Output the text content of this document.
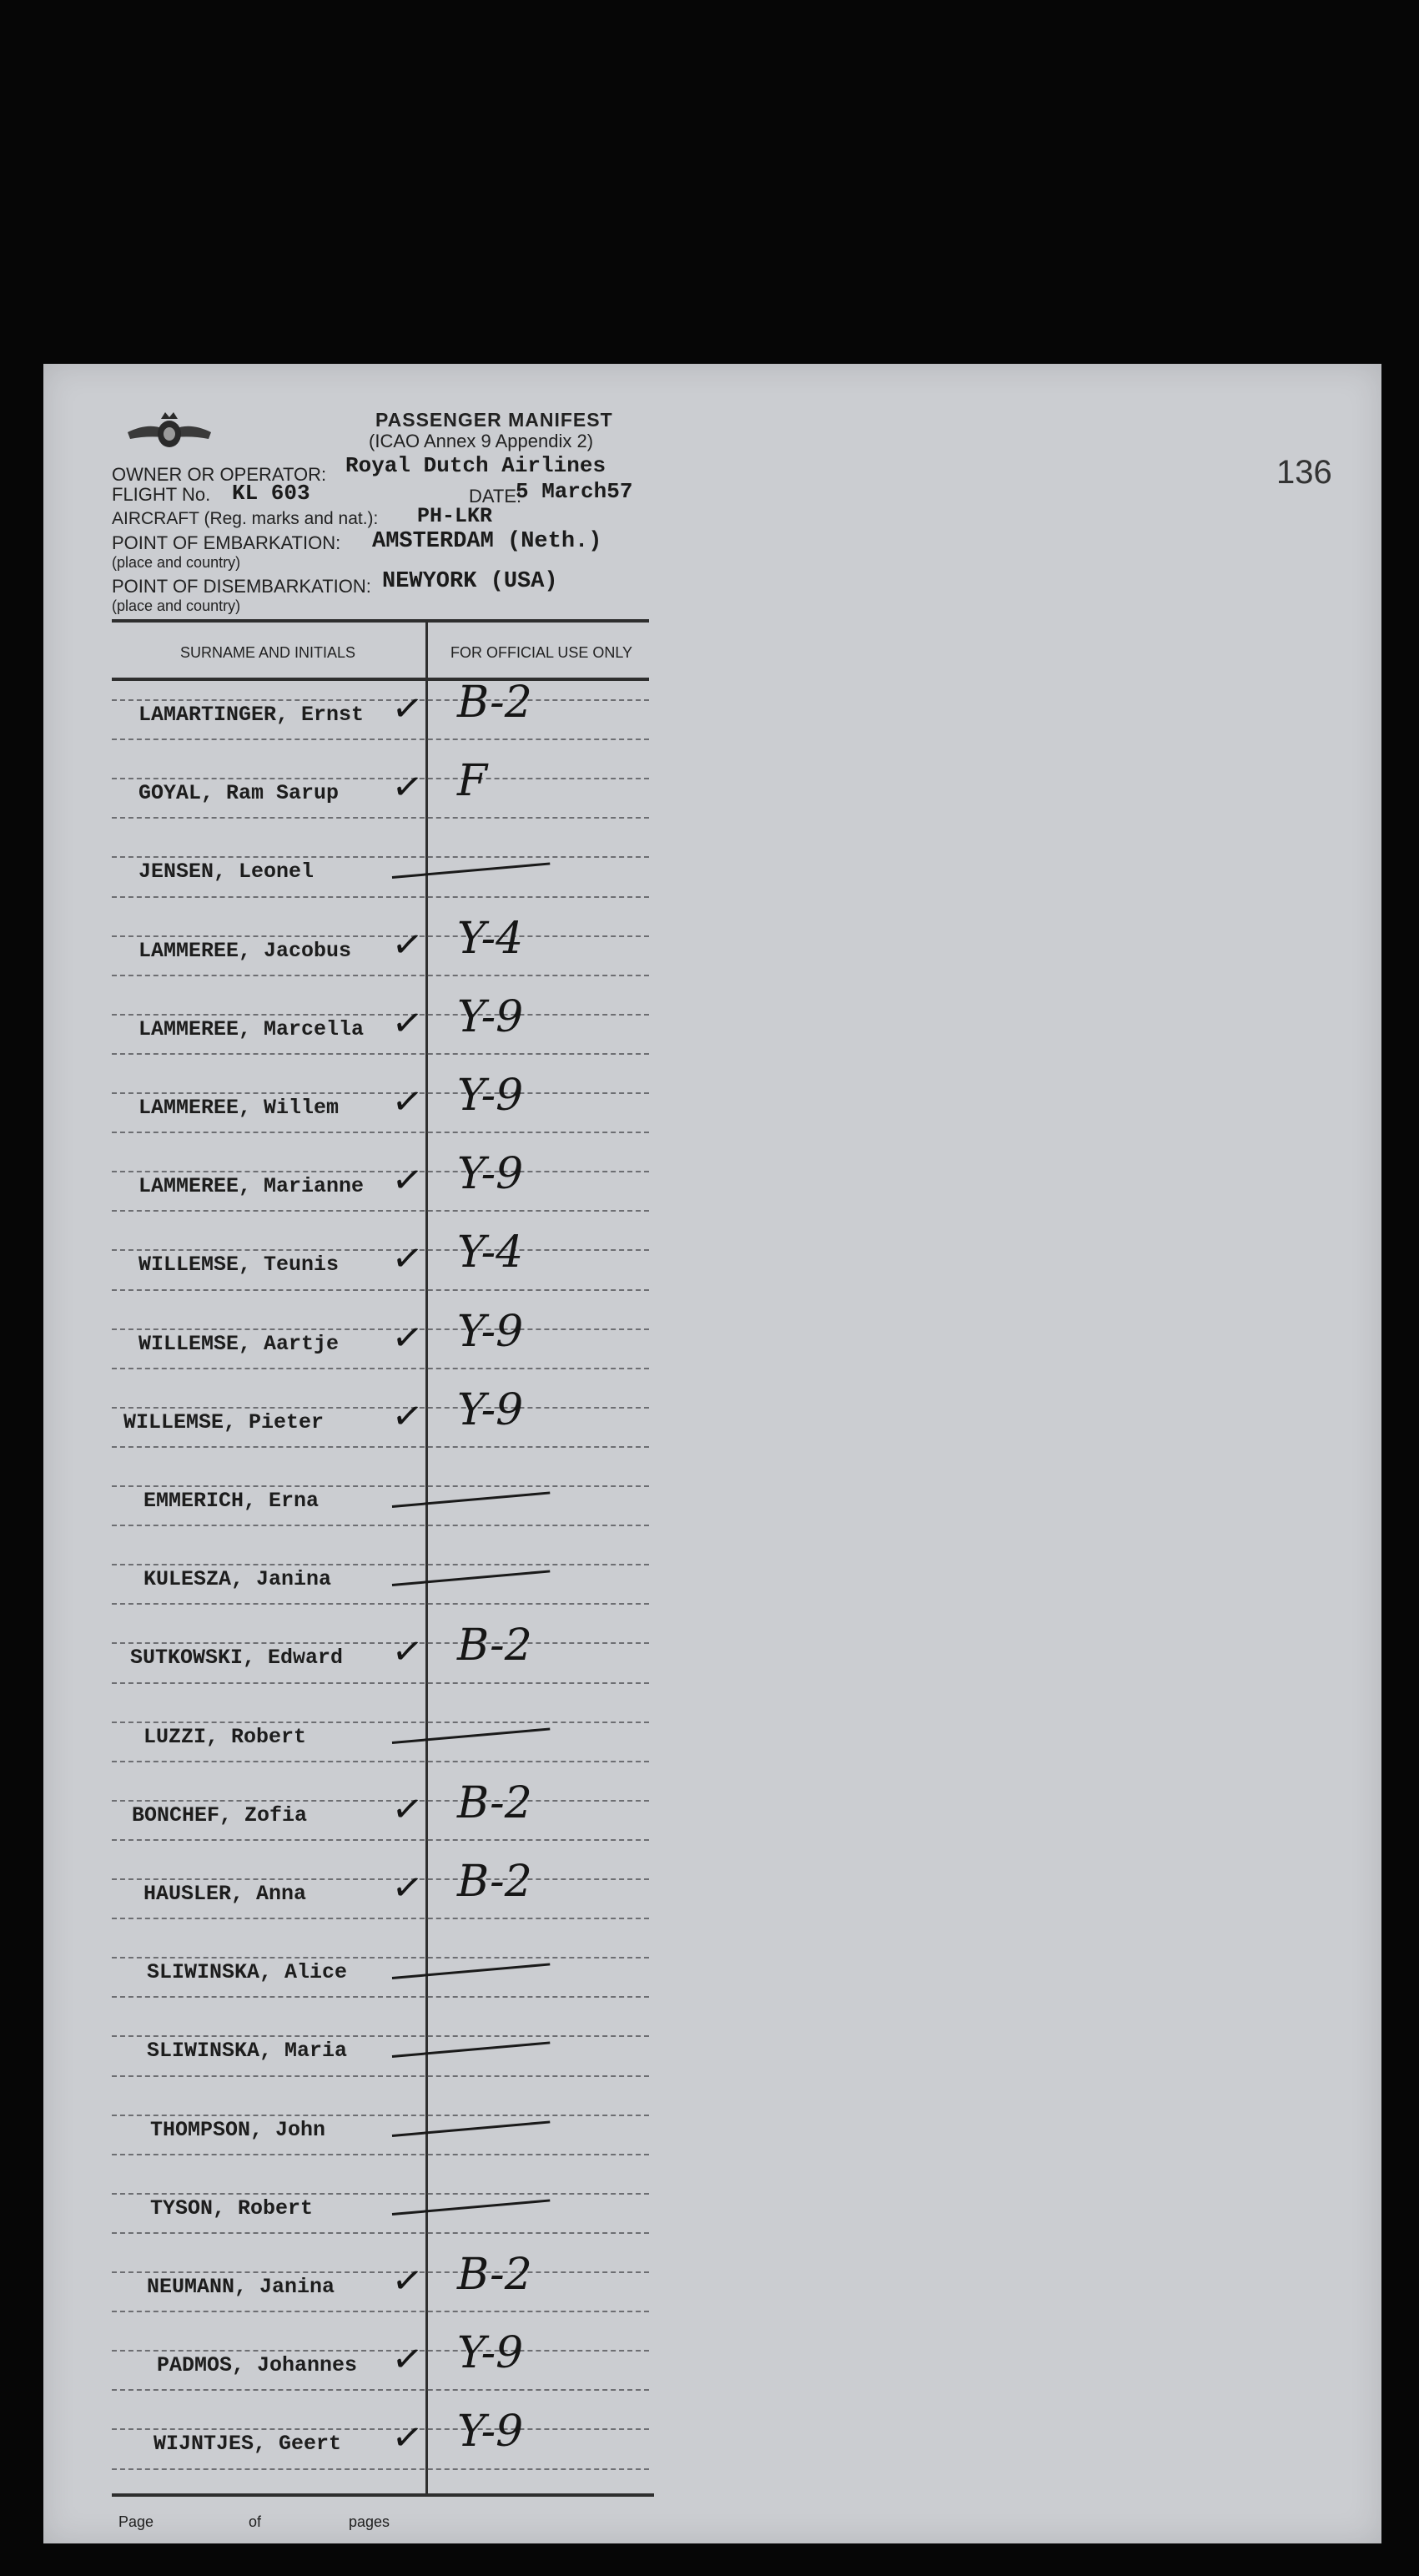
PASSENGER MANIFEST
(ICAO Annex 9 Appendix 2)
OWNER OR OPERATOR: Royal Dutch Airlines
FLIGHT No. KL 603	DATE:
5 March57
AIRCRAFT (Reg. marks and nat.): PH-LKR
POINT OF EMBARKATION: AMSTERDAM (Neth.)
(place and country)
POINT OF DISEMBARKATION: NEWYORK (USA)
(place and country)
136
SURNAME AND INITIALS	FOR OFFICIAL USE ONLY
LAMARTINGER, Ernst ✓ B-2
GOYAL, Ram Sarup ✓ F
JENSEN, Leonel
LAMMEREE, Jacobus ✓ Y-4
LAMMEREE, Marcella ✓ Y-9
LAMMEREE, Willem ✓ Y-9
LAMMEREE, Marianne ✓ Y-9
WILLEMSE, Teunis ✓ Y-4
WILLEMSE, Aartje ✓ Y-9
WILLEMSE, Pieter ✓ Y-9
EMMERICH, Erna
KULESZA, Janina
SUTKOWSKI, Edward ✓ B-2
LUZZI, Robert
BONCHEF, Zofia ✓ B-2
HAUSLER, Anna ✓ B-2
SLIWINSKA, Alice
SLIWINSKA, Maria
THOMPSON, John
TYSON, Robert
NEUMANN, Janina ✓ B-2
PADMOS, Johannes ✓ Y-9
WIJNTJES, Geert ✓ Y-9
Page	of	pages
